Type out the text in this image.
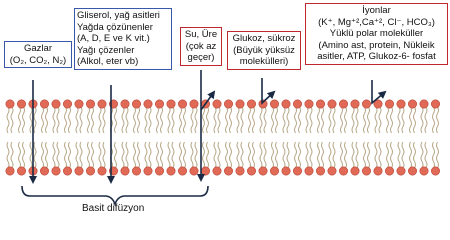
Gazlar
(O₂, CO₂, N₂)
Gliserol, yağ asitleri
Yağda çözünenler
(A, D, E ve K vit.)
Yağı çözenler
(Alkol, eter vb)
Su, Üre
(çok az
geçer)
Glukoz, sükroz
(Büyük yüksüz
molekülleri)
İyonlar
(K⁺, Mg⁺²,Ca⁺², Cl⁻, HCO₃)
Yüklü polar moleküller
(Amino ast, protein, Nükleik
asitler, ATP, Glukoz-6- fosfat
Basit difüzyon
